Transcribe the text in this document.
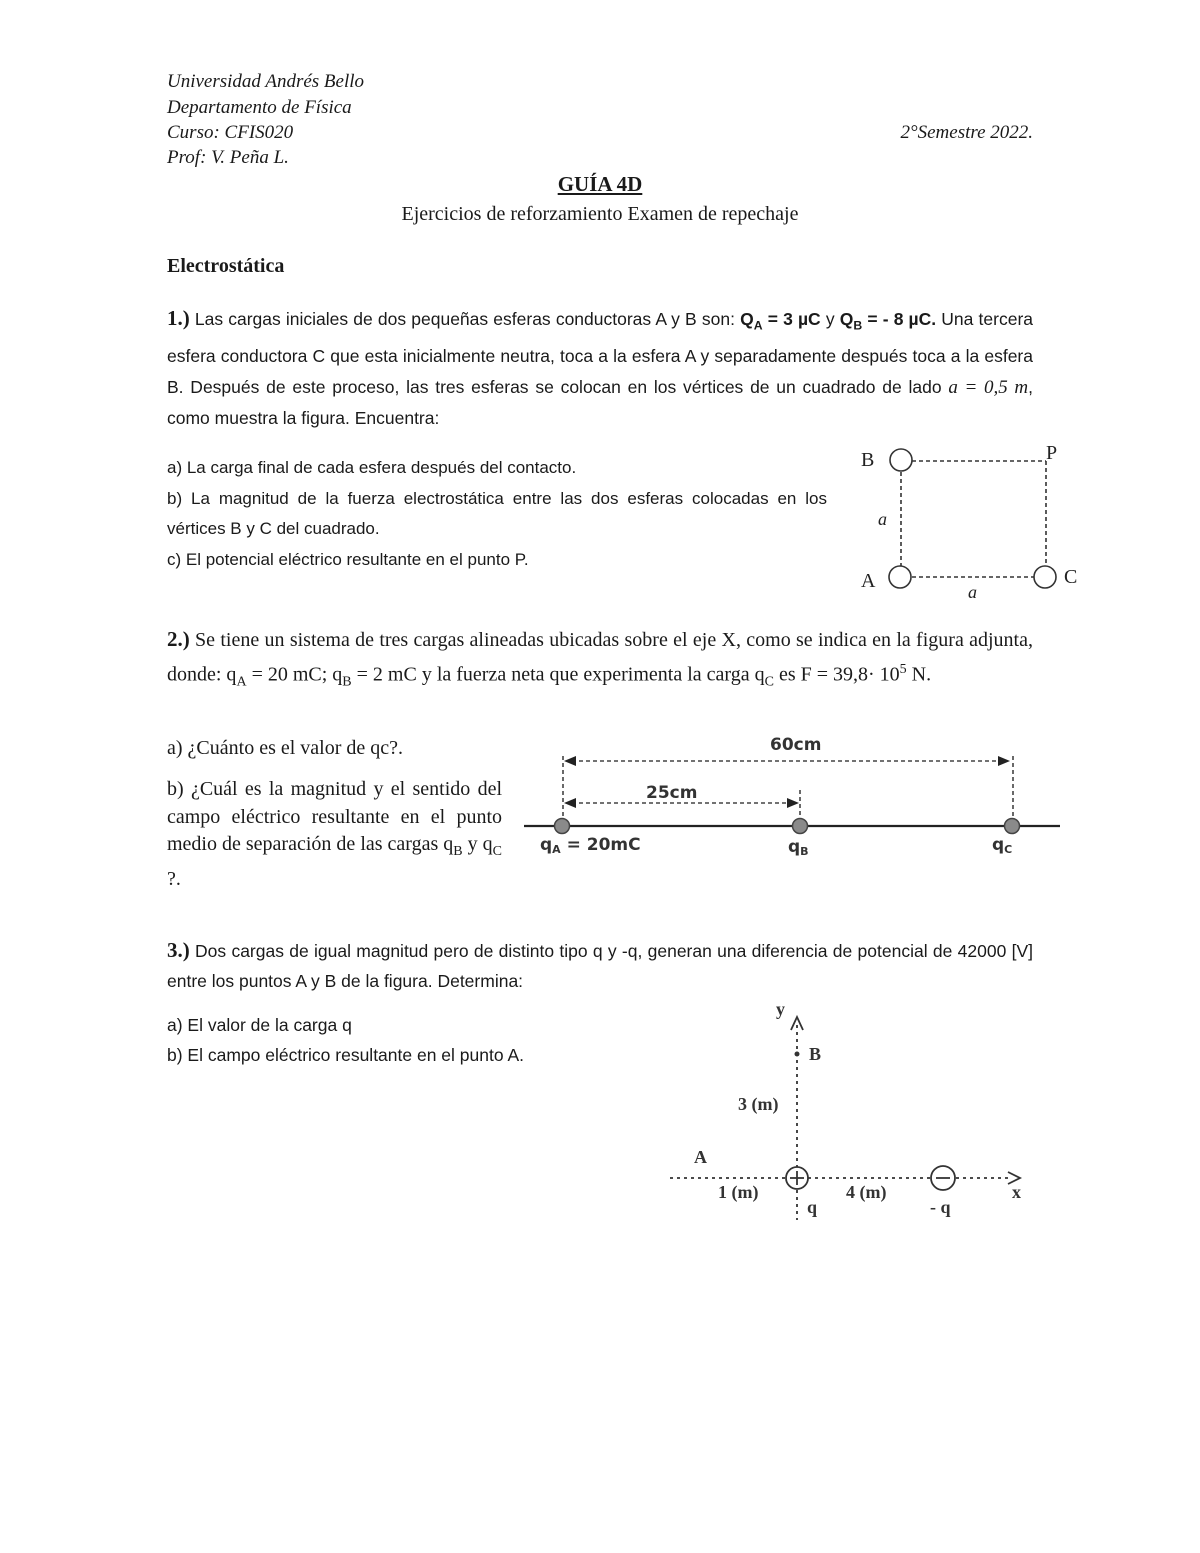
Universidad Andrés Bello
Departamento de Física
Curso: CFIS020	2°Semestre 2022.
Prof: V. Peña L.
GUÍA 4D
Ejercicios de reforzamiento Examen de repechaje
Electrostática
1.) Las cargas iniciales de dos pequeñas esferas conductoras A y B son: $Q_A = 3$ µC y $Q_B$ = - 8 µC. Una tercera esfera conductora C que esta inicialmente neutra, toca a la esfera A y separadamente después toca a la esfera B. Después de este proceso, las tres esferas se colocan en los vértices de un cuadrado de lado a = 0,5 m, como muestra la figura. Encuentra:
a) La carga final de cada esfera después del contacto.
b) La magnitud de la fuerza electrostática entre las dos esferas colocadas en los vértices B y C del cuadrado.
c) El potencial eléctrico resultante en el punto P.
B	P
A	C
a
a
2.) Se tiene un sistema de tres cargas alineadas ubicadas sobre el eje X, como se indica en la figura adjunta, donde: $q_A = 20$ mC; $q_B = 2$ mC y la fuerza neta que experimenta la carga $q_C$ es $F = 39,8\cdot 10^5$ N.
a) ¿Cuánto es el valor de qc?.
b) ¿Cuál es la magnitud y el sentido del campo eléctrico resultante en el punto medio de separación de las cargas $q_B$ y $q_C$ ?.
60cm
25cm
qA = 20mC	qB	qC
3.) Dos cargas de igual magnitud pero de distinto tipo q y -q, generan una diferencia de potencial de 42000 [V] entre los puntos A y B de la figura. Determina:
a) El valor de la carga q
b) El campo eléctrico resultante en el punto A.
y
B
3 (m)
A
1 (m)	4 (m)
q	- q
x
